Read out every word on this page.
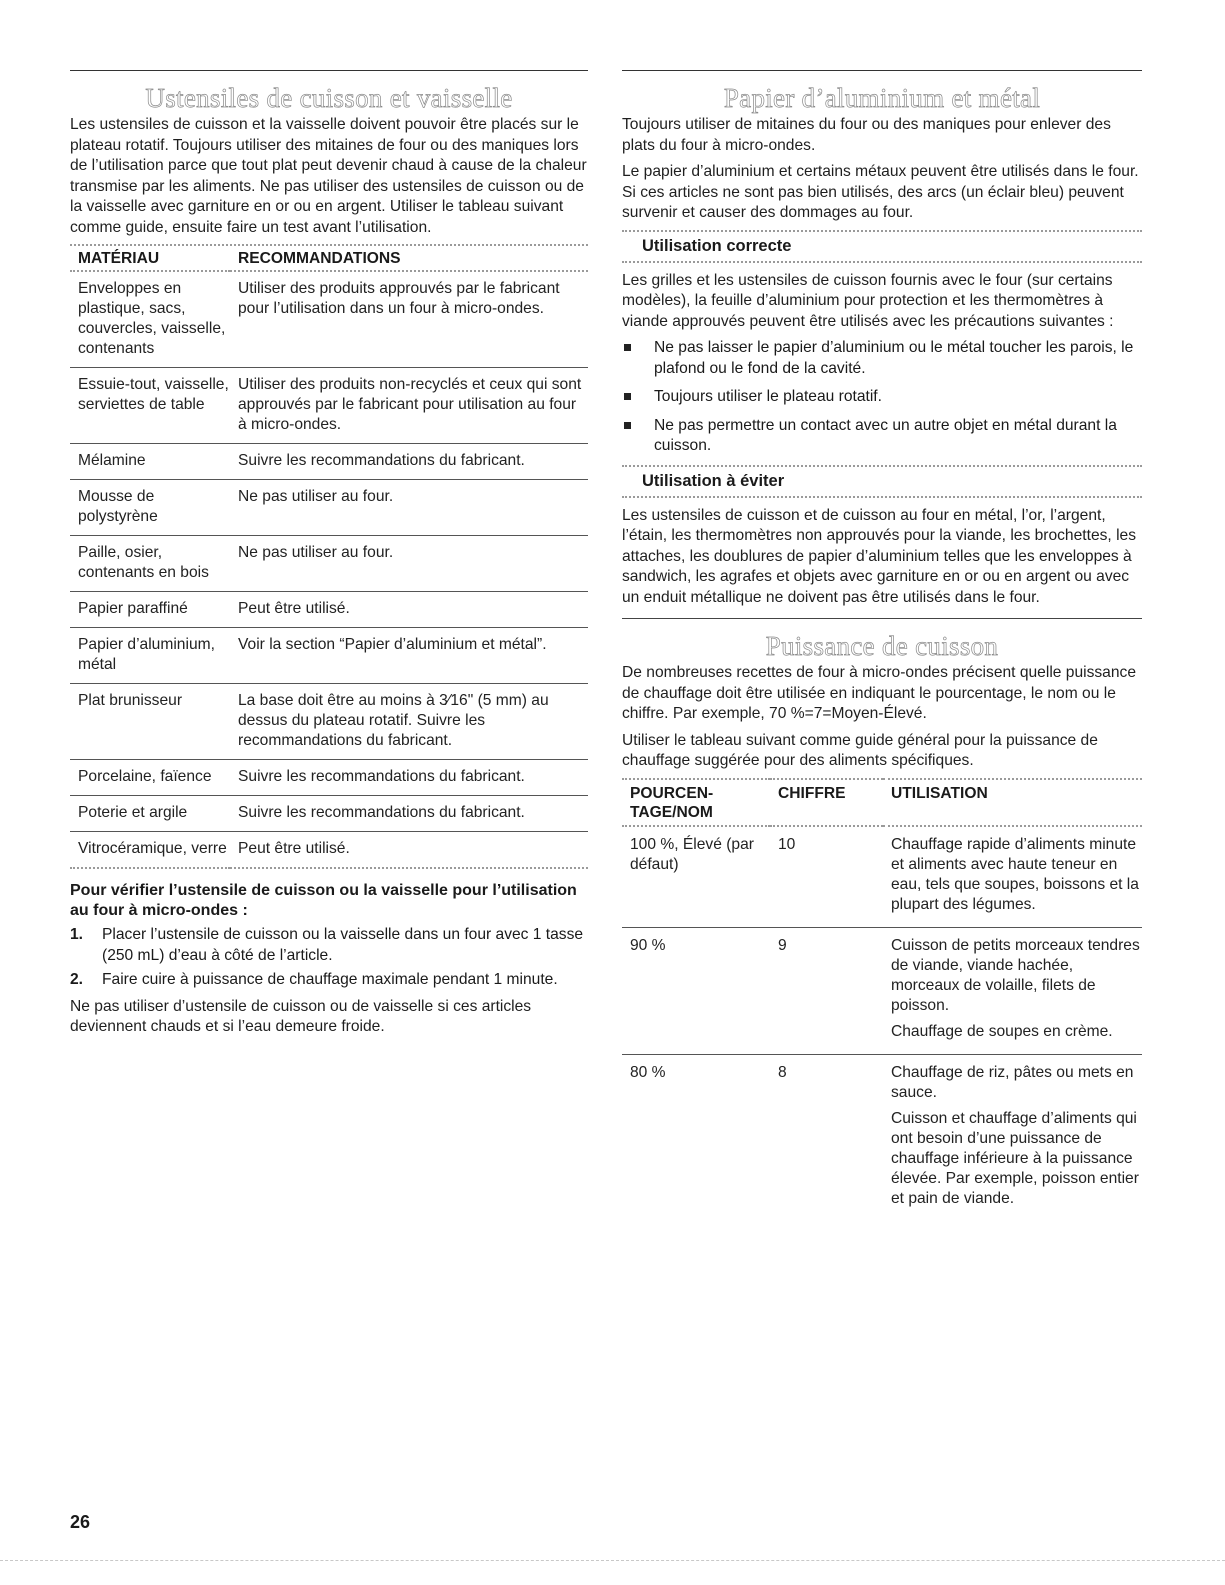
Ustensiles de cuisson et vaisselle

Les ustensiles de cuisson et la vaisselle doivent pouvoir être placés sur le plateau rotatif. Toujours utiliser des mitaines de four ou des maniques lors de l’utilisation parce que tout plat peut devenir chaud à cause de la chaleur transmise par les aliments. Ne pas utiliser des ustensiles de cuisson ou de la vaisselle avec garniture en or ou en argent. Utiliser le tableau suivant comme guide, ensuite faire un test avant l’utilisation.

MATÉRIAU	RECOMMANDATIONS
Enveloppes en plastique, sacs, couvercles, vaisselle, contenants	Utiliser des produits approuvés par le fabricant pour l’utilisation dans un four à micro-ondes.
Essuie-tout, vaisselle, serviettes de table	Utiliser des produits non-recyclés et ceux qui sont approuvés par le fabricant pour utilisation au four à micro-ondes.
Mélamine	Suivre les recommandations du fabricant.
Mousse de polystyrène	Ne pas utiliser au four.
Paille, osier, contenants en bois	Ne pas utiliser au four.
Papier paraffiné	Peut être utilisé.
Papier d’aluminium, métal	Voir la section “Papier d’aluminium et métal”.
Plat brunisseur	La base doit être au moins à 3⁄16" (5 mm) au dessus du plateau rotatif. Suivre les recommandations du fabricant.
Porcelaine, faïence	Suivre les recommandations du fabricant.
Poterie et argile	Suivre les recommandations du fabricant.
Vitrocéramique, verre	Peut être utilisé.
Pour vérifier l’ustensile de cuisson ou la vaisselle pour l’utilisation au four à micro-ondes :
1. Placer l’ustensile de cuisson ou la vaisselle dans un four avec 1 tasse (250 mL) d’eau à côté de l’article.
2. Faire cuire à puissance de chauffage maximale pendant 1 minute.

Ne pas utiliser d’ustensile de cuisson ou de vaisselle si ces articles deviennent chauds et si l’eau demeure froide.

Papier d’aluminium et métal

Toujours utiliser de mitaines du four ou des maniques pour enlever des plats du four à micro-ondes.

Le papier d’aluminium et certains métaux peuvent être utilisés dans le four. Si ces articles ne sont pas bien utilisés, des arcs (un éclair bleu) peuvent survenir et causer des dommages au four.

Utilisation correcte

Les grilles et les ustensiles de cuisson fournis avec le four (sur certains modèles), la feuille d’aluminium pour protection et les thermomètres à viande approuvés peuvent être utilisés avec les précautions suivantes :

Ne pas laisser le papier d’aluminium ou le métal toucher les parois, le plafond ou le fond de la cavité.
Toujours utiliser le plateau rotatif.
Ne pas permettre un contact avec un autre objet en métal durant la cuisson.
Utilisation à éviter

Les ustensiles de cuisson et de cuisson au four en métal, l’or, l’argent, l’étain, les thermomètres non approuvés pour la viande, les brochettes, les attaches, les doublures de papier d’aluminium telles que les enveloppes à sandwich, les agrafes et objets avec garniture en or ou en argent ou avec un enduit métallique ne doivent pas être utilisés dans le four.

Puissance de cuisson

De nombreuses recettes de four à micro-ondes précisent quelle puissance de chauffage doit être utilisée en indiquant le pourcentage, le nom ou le chiffre. Par exemple, 70 %=7=Moyen-Élevé.

Utiliser le tableau suivant comme guide général pour la puissance de chauffage suggérée pour des aliments spécifiques.

POURCEN-
TAGE/NOM	CHIFFRE	UTILISATION
100 %, Élevé (par défaut)	10	Chauffage rapide d’aliments minute et aliments avec haute teneur en eau, tels que soupes, boissons et la plupart des légumes.

90 %	9	Cuisson de petits morceaux tendres de viande, viande hachée, morceaux de volaille, filets de poisson.

Chauffage de soupes en crème.

80 %	8	Chauffage de riz, pâtes ou mets en sauce.

Cuisson et chauffage d’aliments qui ont besoin d’une puissance de chauffage inférieure à la puissance élevée. Par exemple, poisson entier et pain de viande.

26
